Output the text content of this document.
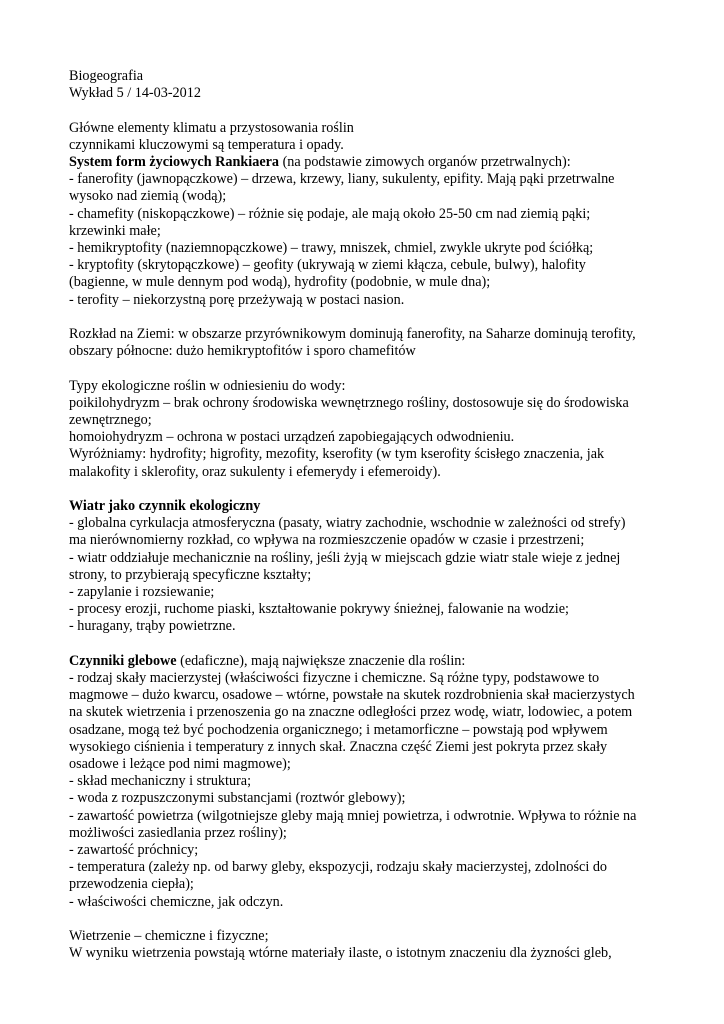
Biogeografia
Wykład 5 / 14-03-2012
Główne elementy klimatu a przystosowania roślin
czynnikami kluczowymi są temperatura i opady.
System form życiowych Rankiaera (na podstawie zimowych organów przetrwalnych):
- fanerofity (jawnopączkowe) – drzewa, krzewy, liany, sukulenty, epifity. Mają pąki przetrwalne
wysoko nad ziemią (wodą);
- chamefity (niskopączkowe) – różnie się podaje, ale mają około 25-50 cm nad ziemią pąki;
krzewinki małe;
- hemikryptofity (naziemnopączkowe) – trawy, mniszek, chmiel, zwykle ukryte pod ściółką;
- kryptofity (skrytopączkowe) – geofity (ukrywają w ziemi kłącza, cebule, bulwy), halofity
(bagienne, w mule dennym pod wodą), hydrofity (podobnie, w mule dna);
- terofity – niekorzystną porę przeżywają w postaci nasion.
Rozkład na Ziemi: w obszarze przyrównikowym dominują fanerofity, na Saharze dominują terofity,
obszary północne: dużo hemikryptofitów i sporo chamefitów
Typy ekologiczne roślin w odniesieniu do wody:
poikilohydryzm – brak ochrony środowiska wewnętrznego rośliny, dostosowuje się do środowiska
zewnętrznego;
homoiohydryzm – ochrona w postaci urządzeń zapobiegających odwodnieniu.
Wyróżniamy: hydrofity; higrofity, mezofity, kserofity (w tym kserofity ścisłego znaczenia, jak
malakofity i sklerofity, oraz sukulenty i efemerydy i efemeroidy).
Wiatr jako czynnik ekologiczny
- globalna cyrkulacja atmosferyczna (pasaty, wiatry zachodnie, wschodnie w zależności od strefy)
ma nierównomierny rozkład, co wpływa na rozmieszczenie opadów w czasie i przestrzeni;
- wiatr oddziałuje mechanicznie na rośliny, jeśli żyją w miejscach gdzie wiatr stale wieje z jednej
strony, to przybierają specyficzne kształty;
- zapylanie i rozsiewanie;
- procesy erozji, ruchome piaski, kształtowanie pokrywy śnieżnej, falowanie na wodzie;
- huragany, trąby powietrzne.
Czynniki glebowe (edaficzne), mają największe znaczenie dla roślin:
- rodzaj skały macierzystej (właściwości fizyczne i chemiczne. Są różne typy, podstawowe to
magmowe – dużo kwarcu, osadowe – wtórne, powstałe na skutek rozdrobnienia skał macierzystych
na skutek wietrzenia i przenoszenia go na znaczne odległości przez wodę, wiatr, lodowiec, a potem
osadzane, mogą też być pochodzenia organicznego; i metamorficzne – powstają pod wpływem
wysokiego ciśnienia i temperatury z innych skał. Znaczna część Ziemi jest pokryta przez skały
osadowe i leżące pod nimi magmowe);
- skład mechaniczny i struktura;
- woda z rozpuszczonymi substancjami (roztwór glebowy);
- zawartość powietrza (wilgotniejsze gleby mają mniej powietrza, i odwrotnie. Wpływa to różnie na
możliwości zasiedlania przez rośliny);
- zawartość próchnicy;
- temperatura (zależy np. od barwy gleby, ekspozycji, rodzaju skały macierzystej, zdolności do
przewodzenia ciepła);
- właściwości chemiczne, jak odczyn.
Wietrzenie – chemiczne i fizyczne;
W wyniku wietrzenia powstają wtórne materiały ilaste, o istotnym znaczeniu dla żyzności gleb,
